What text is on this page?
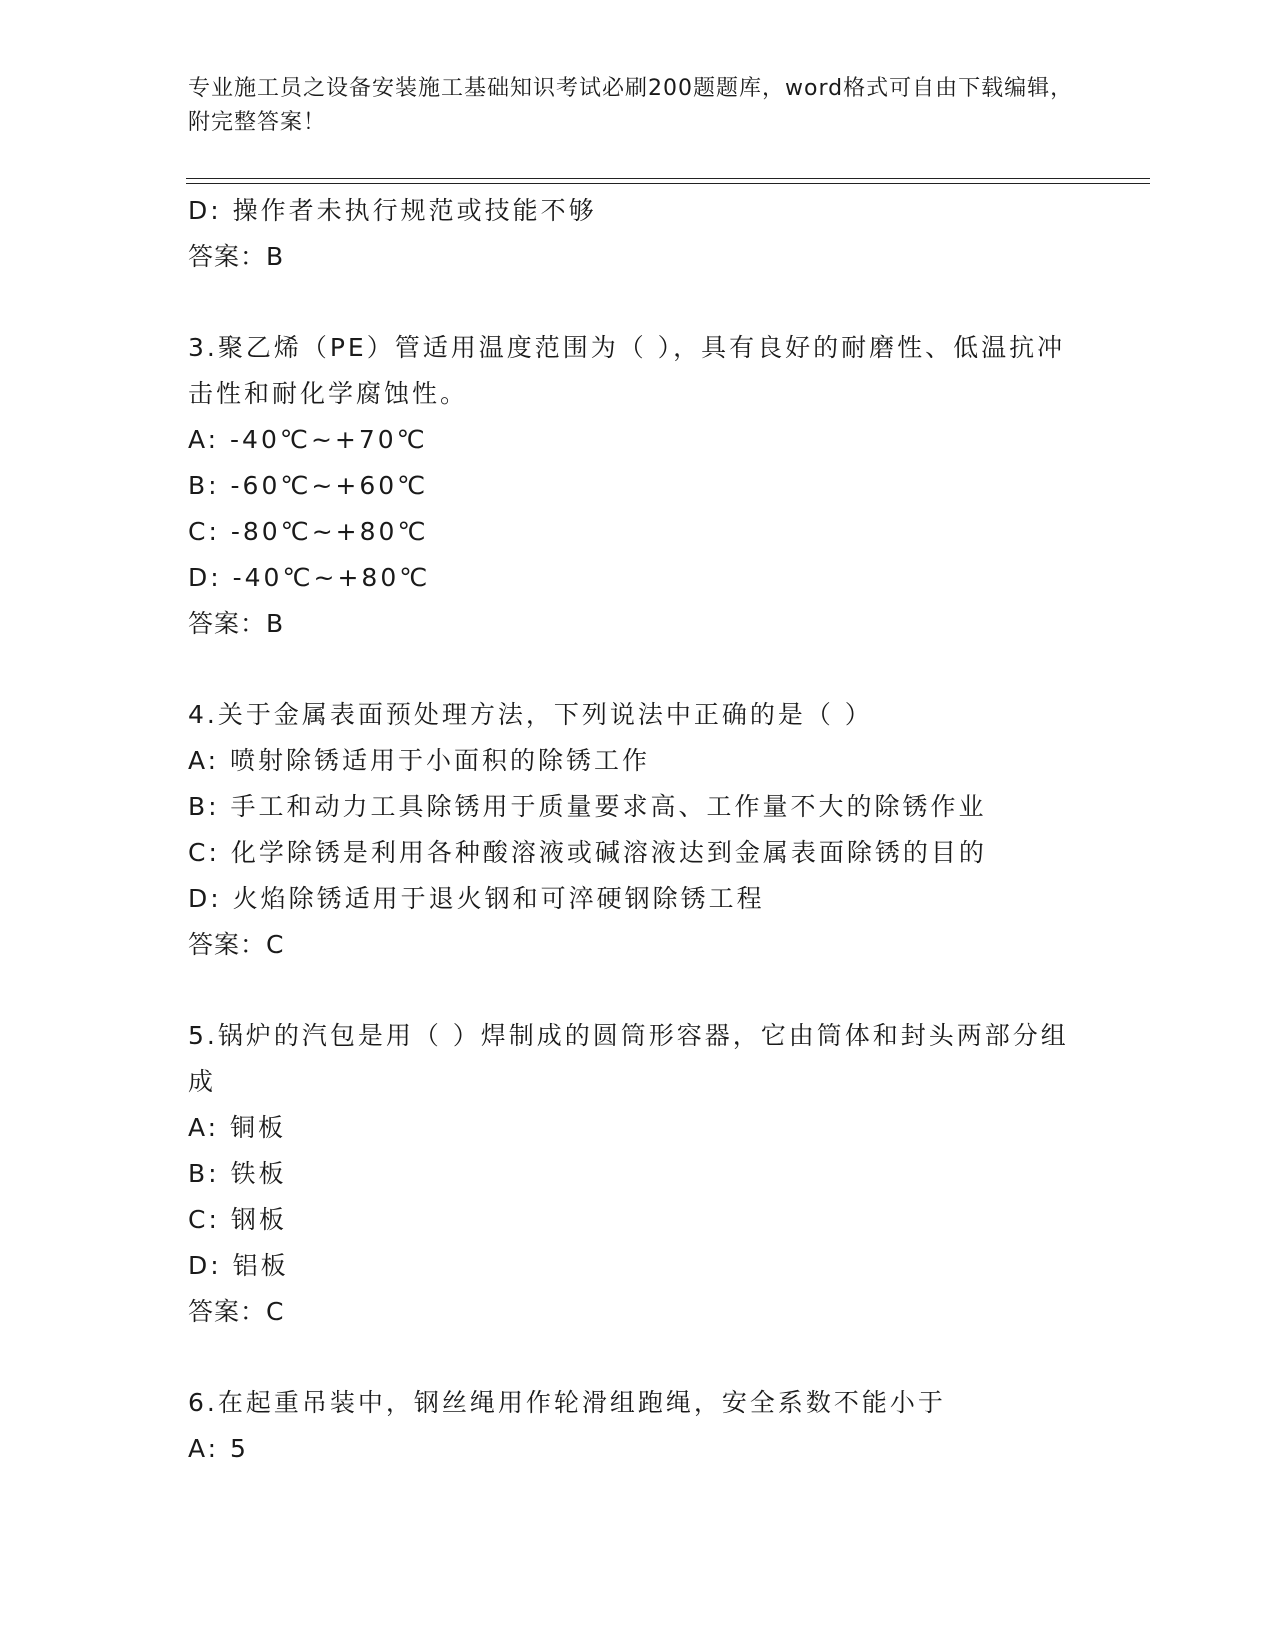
专业施工员之设备安装施工基础知识考试必刷200题题库，word格式可自由下载编辑，附完整答案！
D: 操作者未执行规范或技能不够
答案：B
3.聚乙烯（PE）管适用温度范围为（ ），具有良好的耐磨性、低温抗冲击性和耐化学腐蚀性。
A: -40℃~+70℃
B: -60℃~+60℃
C: -80℃~+80℃
D: -40℃~+80℃
答案：B
4.关于金属表面预处理方法，下列说法中正确的是（ ）
A: 喷射除锈适用于小面积的除锈工作
B: 手工和动力工具除锈用于质量要求高、工作量不大的除锈作业
C: 化学除锈是利用各种酸溶液或碱溶液达到金属表面除锈的目的
D: 火焰除锈适用于退火钢和可淬硬钢除锈工程
答案：C
5.锅炉的汽包是用（ ）焊制成的圆筒形容器，它由筒体和封头两部分组成
A: 铜板
B: 铁板
C: 钢板
D: 铝板
答案：C
6.在起重吊装中，钢丝绳用作轮滑组跑绳，安全系数不能小于
A: 5
